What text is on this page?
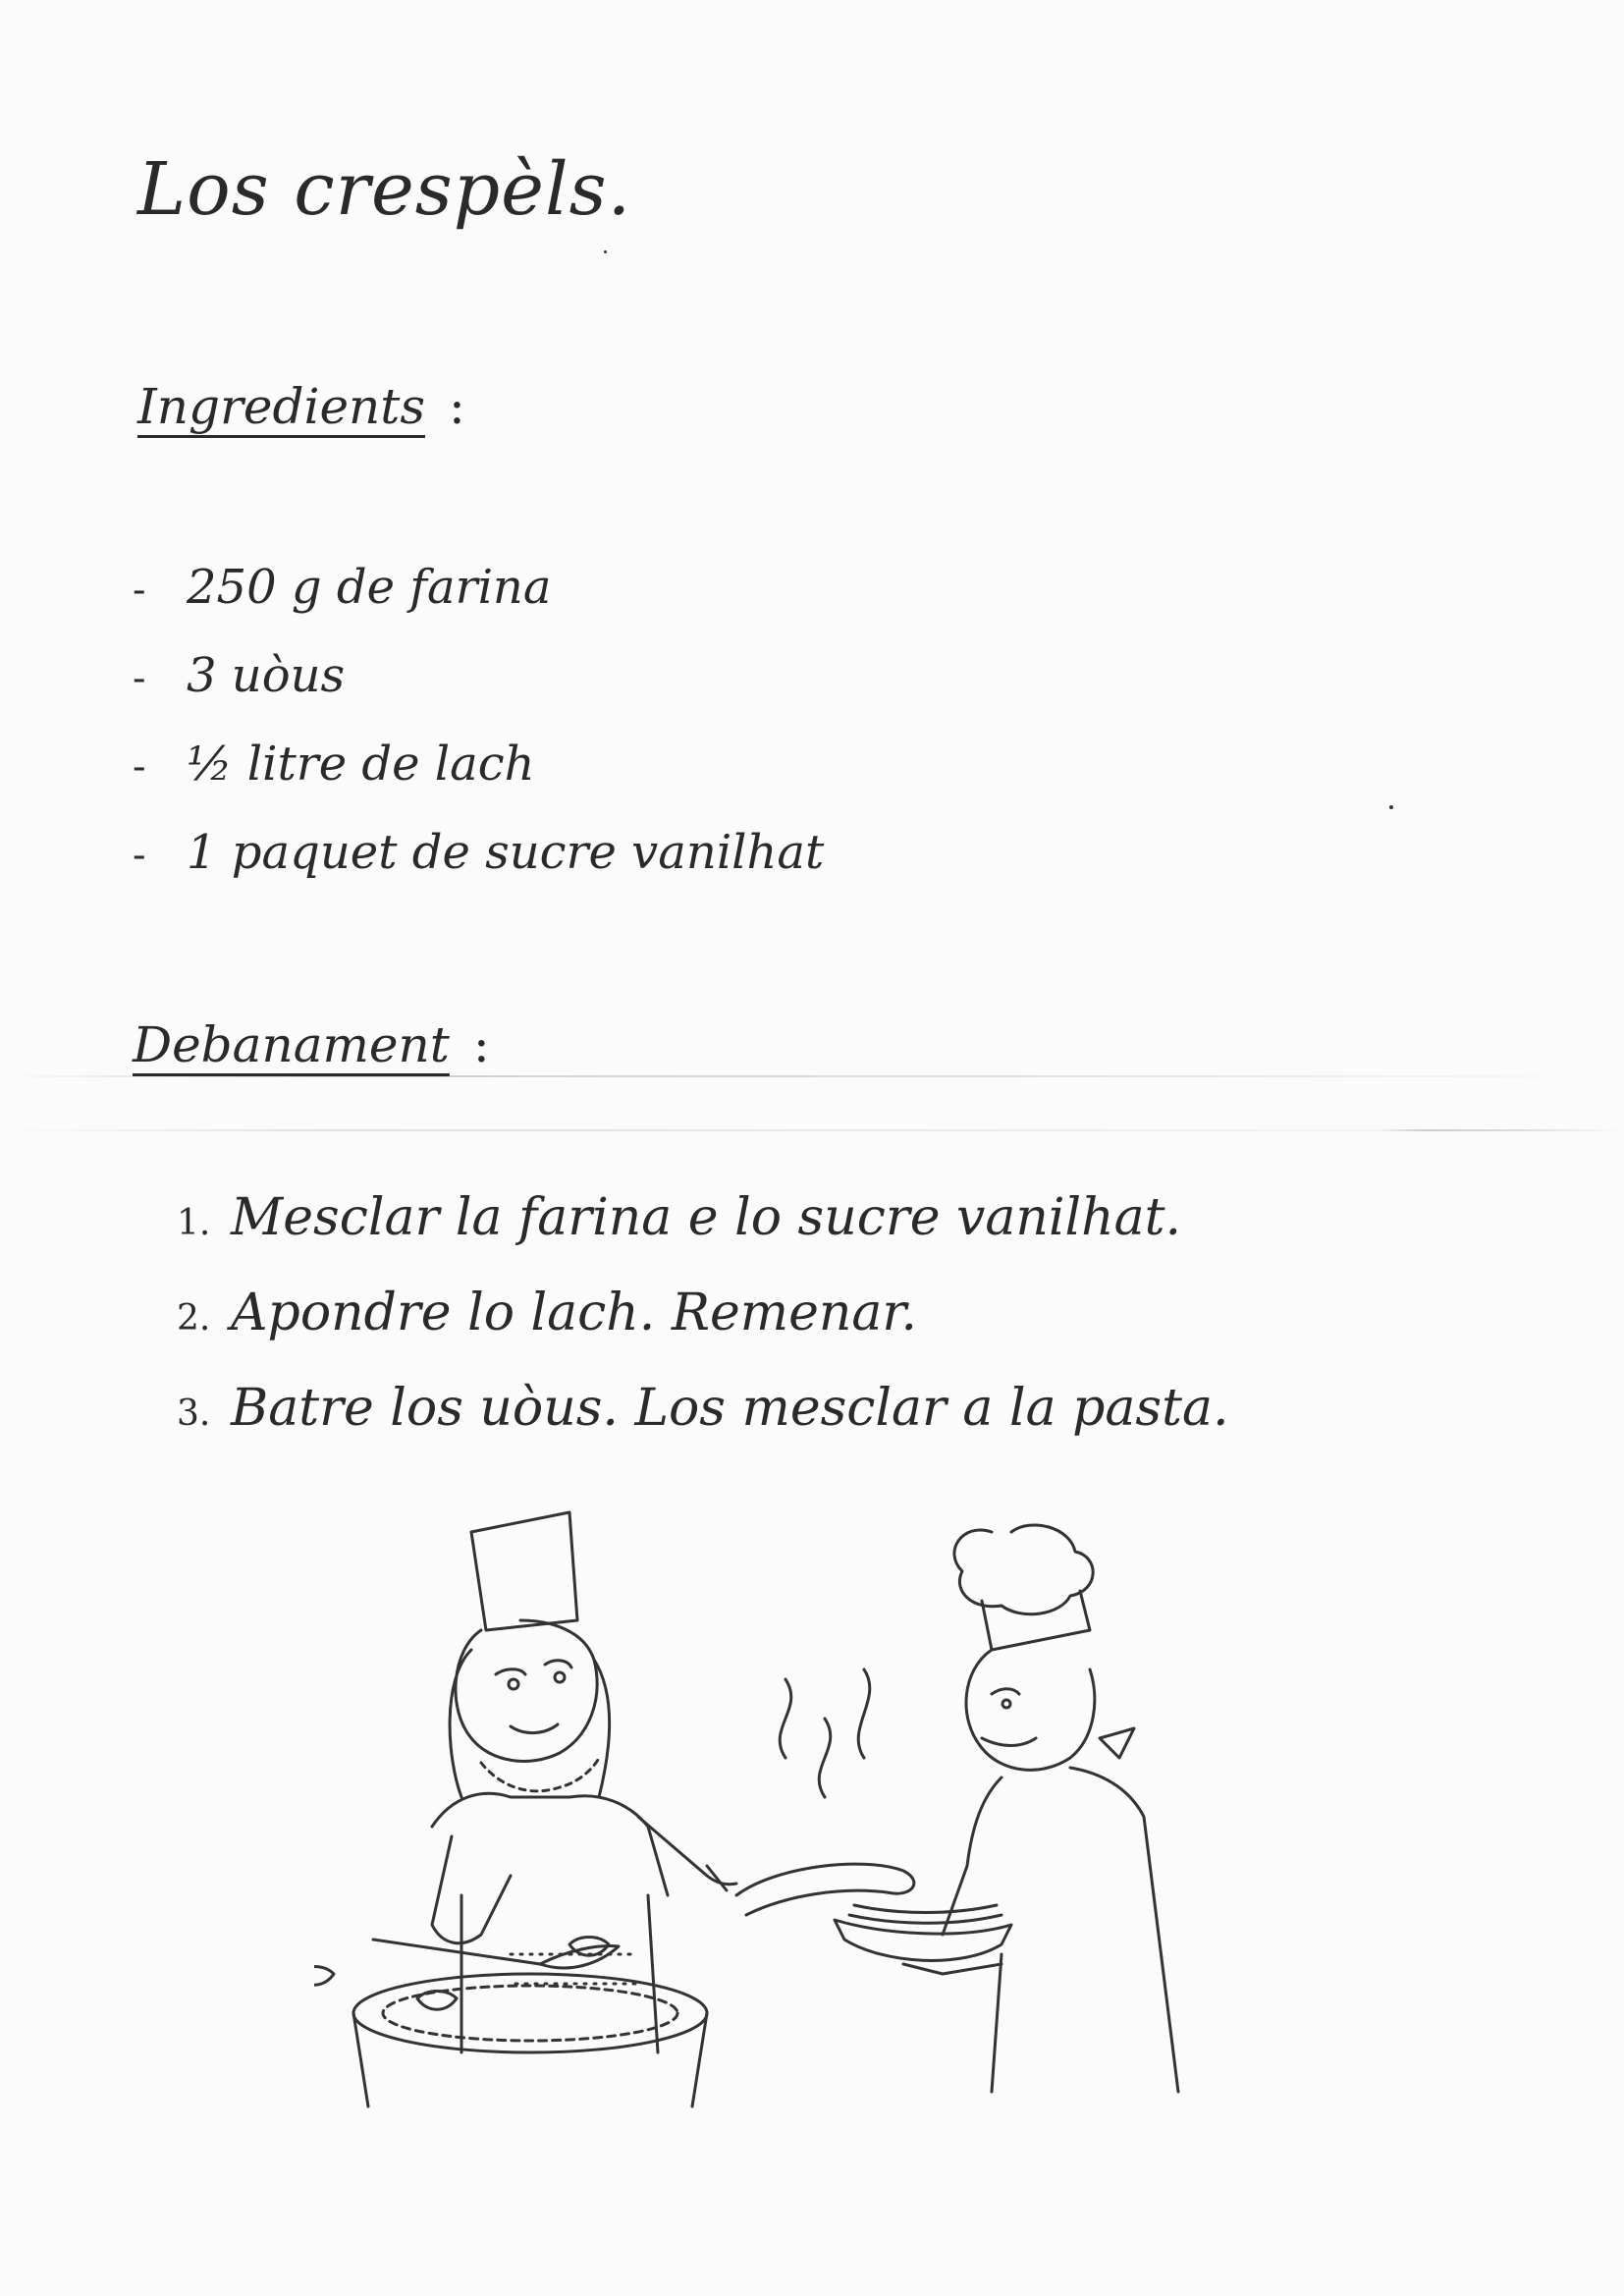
Los crespèls.
Ingredients :
- 250 g de farina
- 3 uòus
- ½ litre de lach
- 1 paquet de sucre vanilhat
Debanament :
1. Mesclar la farina e lo sucre vanilhat.
2. Apondre lo lach. Remenar.
3. Batre los uòus. Los mesclar a la pasta.
